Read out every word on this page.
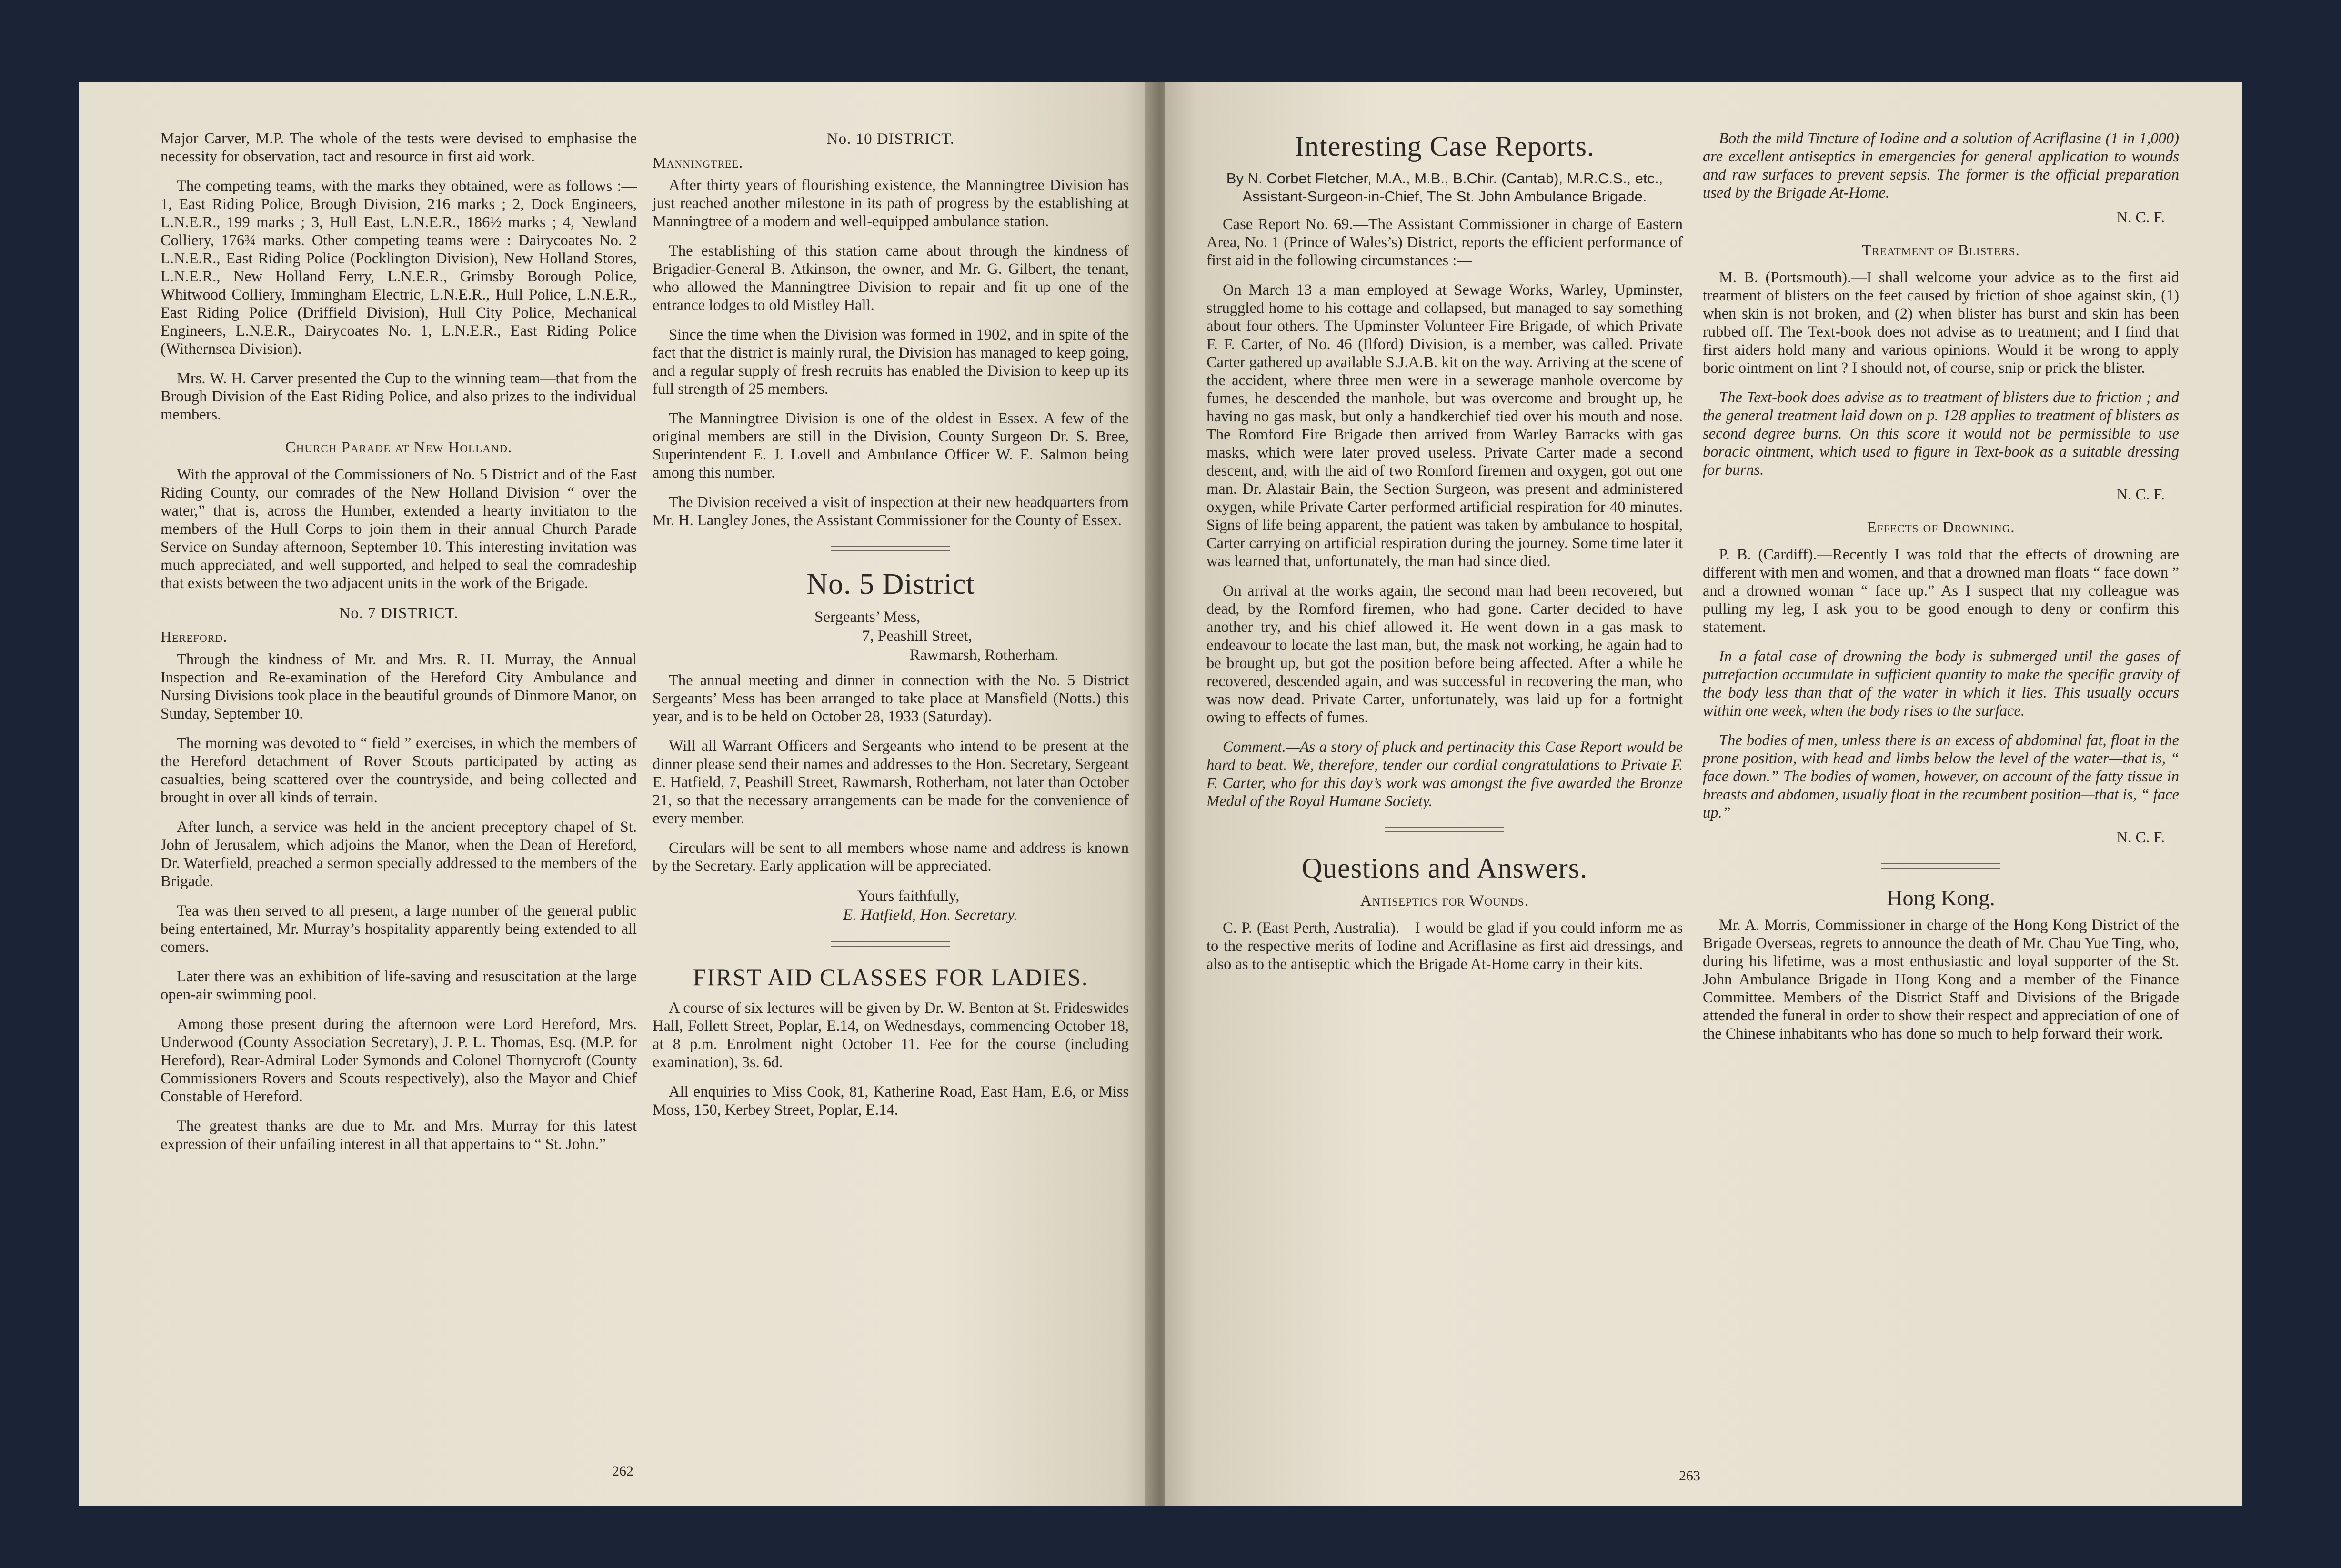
Major Carver, M.P. The whole of the tests were devised to emphasise the necessity for observation, tact and resource in first aid work.

The competing teams, with the marks they obtained, were as follows :—1, East Riding Police, Brough Division, 216 marks ; 2, Dock Engineers, L.N.E.R., 199 marks ; 3, Hull East, L.N.E.R., 186½ marks ; 4, Newland Colliery, 176¾ marks. Other competing teams were : Dairycoates No. 2 L.N.E.R., East Riding Police (Pocklington Division), New Holland Stores, L.N.E.R., New Holland Ferry, L.N.E.R., Grimsby Borough Police, Whitwood Colliery, Immingham Electric, L.N.E.R., Hull Police, L.N.E.R., East Riding Police (Driffield Division), Hull City Police, Mechanical Engineers, L.N.E.R., Dairycoates No. 1, L.N.E.R., East Riding Police (Withernsea Division).

Mrs. W. H. Carver presented the Cup to the winning team—that from the Brough Division of the East Riding Police, and also prizes to the individual members.

Church Parade at New Holland.

With the approval of the Commissioners of No. 5 District and of the East Riding County, our comrades of the New Holland Division “ over the water,” that is, across the Humber, extended a hearty invitiaton to the members of the Hull Corps to join them in their annual Church Parade Service on Sunday afternoon, September 10. This interesting invitation was much appreciated, and well supported, and helped to seal the comradeship that exists between the two adjacent units in the work of the Brigade.

No. 7 DISTRICT.
Hereford.

Through the kindness of Mr. and Mrs. R. H. Murray, the Annual Inspection and Re-examination of the Hereford City Ambulance and Nursing Divisions took place in the beautiful grounds of Dinmore Manor, on Sunday, September 10.

The morning was devoted to “ field ” exercises, in which the members of the Hereford detachment of Rover Scouts participated by acting as casualties, being scattered over the countryside, and being collected and brought in over all kinds of terrain.

After lunch, a service was held in the ancient preceptory chapel of St. John of Jerusalem, which adjoins the Manor, when the Dean of Hereford, Dr. Waterfield, preached a sermon specially addressed to the members of the Brigade.

Tea was then served to all present, a large number of the general public being entertained, Mr. Murray’s hospitality apparently being extended to all comers.

Later there was an exhibition of life-saving and resuscitation at the large open-air swimming pool.

Among those present during the afternoon were Lord Hereford, Mrs. Underwood (County Association Secretary), J. P. L. Thomas, Esq. (M.P. for Hereford), Rear-Admiral Loder Symonds and Colonel Thornycroft (County Commissioners Rovers and Scouts respectively), also the Mayor and Chief Constable of Hereford.

The greatest thanks are due to Mr. and Mrs. Murray for this latest expression of their unfailing interest in all that appertains to “ St. John.”

No. 10 DISTRICT.
Manningtree.

After thirty years of flourishing existence, the Manningtree Division has just reached another milestone in its path of progress by the establishing at Manningtree of a modern and well-equipped ambulance station.

The establishing of this station came about through the kindness of Brigadier-General B. Atkinson, the owner, and Mr. G. Gilbert, the tenant, who allowed the Manningtree Division to repair and fit up one of the entrance lodges to old Mistley Hall.

Since the time when the Division was formed in 1902, and in spite of the fact that the district is mainly rural, the Division has managed to keep going, and a regular supply of fresh recruits has enabled the Division to keep up its full strength of 25 members.

The Manningtree Division is one of the oldest in Essex. A few of the original members are still in the Division, County Surgeon Dr. S. Bree, Superintendent E. J. Lovell and Ambulance Officer W. E. Salmon being among this number.

The Division received a visit of inspection at their new headquarters from Mr. H. Langley Jones, the Assistant Commissioner for the County of Essex.

No. 5 District
Sergeants’ Mess,
7, Peashill Street,
Rawmarsh, Rotherham.

The annual meeting and dinner in connection with the No. 5 District Sergeants’ Mess has been arranged to take place at Mansfield (Notts.) this year, and is to be held on October 28, 1933 (Saturday).

Will all Warrant Officers and Sergeants who intend to be present at the dinner please send their names and addresses to the Hon. Secretary, Sergeant E. Hatfield, 7, Peashill Street, Rawmarsh, Rotherham, not later than October 21, so that the necessary arrangements can be made for the convenience of every member.

Circulars will be sent to all members whose name and address is known by the Secretary. Early application will be appreciated.

Yours faithfully,
E. Hatfield, Hon. Secretary.
FIRST AID CLASSES FOR LADIES.

A course of six lectures will be given by Dr. W. Benton at St. Frideswides Hall, Follett Street, Poplar, E.14, on Wednesdays, commencing October 18, at 8 p.m. Enrolment night October 11. Fee for the course (including examination), 3s. 6d.

All enquiries to Miss Cook, 81, Katherine Road, East Ham, E.6, or Miss Moss, 150, Kerbey Street, Poplar, E.14.

262
Interesting Case Reports.
By N. Corbet Fletcher, M.A., M.B., B.Chir. (Cantab), M.R.C.S., etc., Assistant-Surgeon-in-Chief, The St. John Ambulance Brigade.

Case Report No. 69.—The Assistant Commissioner in charge of Eastern Area, No. 1 (Prince of Wales’s) District, reports the efficient performance of first aid in the following circumstances :—

On March 13 a man employed at Sewage Works, Warley, Upminster, struggled home to his cottage and collapsed, but managed to say something about four others. The Upminster Volunteer Fire Brigade, of which Private F. F. Carter, of No. 46 (Ilford) Division, is a member, was called. Private Carter gathered up available S.J.A.B. kit on the way. Arriving at the scene of the accident, where three men were in a sewerage manhole overcome by fumes, he descended the manhole, but was overcome and brought up, he having no gas mask, but only a handkerchief tied over his mouth and nose. The Romford Fire Brigade then arrived from Warley Barracks with gas masks, which were later proved useless. Private Carter made a second descent, and, with the aid of two Romford firemen and oxygen, got out one man. Dr. Alastair Bain, the Section Surgeon, was present and administered oxygen, while Private Carter performed artificial respiration for 40 minutes. Signs of life being apparent, the patient was taken by ambulance to hospital, Carter carrying on artificial respiration during the journey. Some time later it was learned that, unfortunately, the man had since died.

On arrival at the works again, the second man had been recovered, but dead, by the Romford firemen, who had gone. Carter decided to have another try, and his chief allowed it. He went down in a gas mask to endeavour to locate the last man, but, the mask not working, he again had to be brought up, but got the position before being affected. After a while he recovered, descended again, and was successful in recovering the man, who was now dead. Private Carter, unfortunately, was laid up for a fortnight owing to effects of fumes.

Comment.—As a story of pluck and pertinacity this Case Report would be hard to beat. We, therefore, tender our cordial congratulations to Private F. F. Carter, who for this day’s work was amongst the five awarded the Bronze Medal of the Royal Humane Society.

Questions and Answers.
Antiseptics for Wounds.

C. P. (East Perth, Australia).—I would be glad if you could inform me as to the respective merits of Iodine and Acriflasine as first aid dressings, and also as to the antiseptic which the Brigade At-Home carry in their kits.

Both the mild Tincture of Iodine and a solution of Acriflasine (1 in 1,000) are excellent antiseptics in emergencies for general application to wounds and raw surfaces to prevent sepsis. The former is the official preparation used by the Brigade At-Home.

N. C. F.
Treatment of Blisters.

M. B. (Portsmouth).—I shall welcome your advice as to the first aid treatment of blisters on the feet caused by friction of shoe against skin, (1) when skin is not broken, and (2) when blister has burst and skin has been rubbed off. The Text-book does not advise as to treatment; and I find that first aiders hold many and various opinions. Would it be wrong to apply boric ointment on lint ? I should not, of course, snip or prick the blister.

The Text-book does advise as to treatment of blisters due to friction ; and the general treatment laid down on p. 128 applies to treatment of blisters as second degree burns. On this score it would not be permissible to use boracic ointment, which used to figure in Text-book as a suitable dressing for burns.

N. C. F.
Effects of Drowning.

P. B. (Cardiff).—Recently I was told that the effects of drowning are different with men and women, and that a drowned man floats “ face down ” and a drowned woman “ face up.” As I suspect that my colleague was pulling my leg, I ask you to be good enough to deny or confirm this statement.

In a fatal case of drowning the body is submerged until the gases of putrefaction accumulate in sufficient quantity to make the specific gravity of the body less than that of the water in which it lies. This usually occurs within one week, when the body rises to the surface.

The bodies of men, unless there is an excess of abdominal fat, float in the prone position, with head and limbs below the level of the water—that is, “ face down.” The bodies of women, however, on account of the fatty tissue in breasts and abdomen, usually float in the recumbent position—that is, “ face up.”

N. C. F.
Hong Kong.

Mr. A. Morris, Commissioner in charge of the Hong Kong District of the Brigade Overseas, regrets to announce the death of Mr. Chau Yue Ting, who, during his lifetime, was a most enthusiastic and loyal supporter of the St. John Ambulance Brigade in Hong Kong and a member of the Finance Committee. Members of the District Staff and Divisions of the Brigade attended the funeral in order to show their respect and appreciation of one of the Chinese inhabitants who has done so much to help forward their work.

263
